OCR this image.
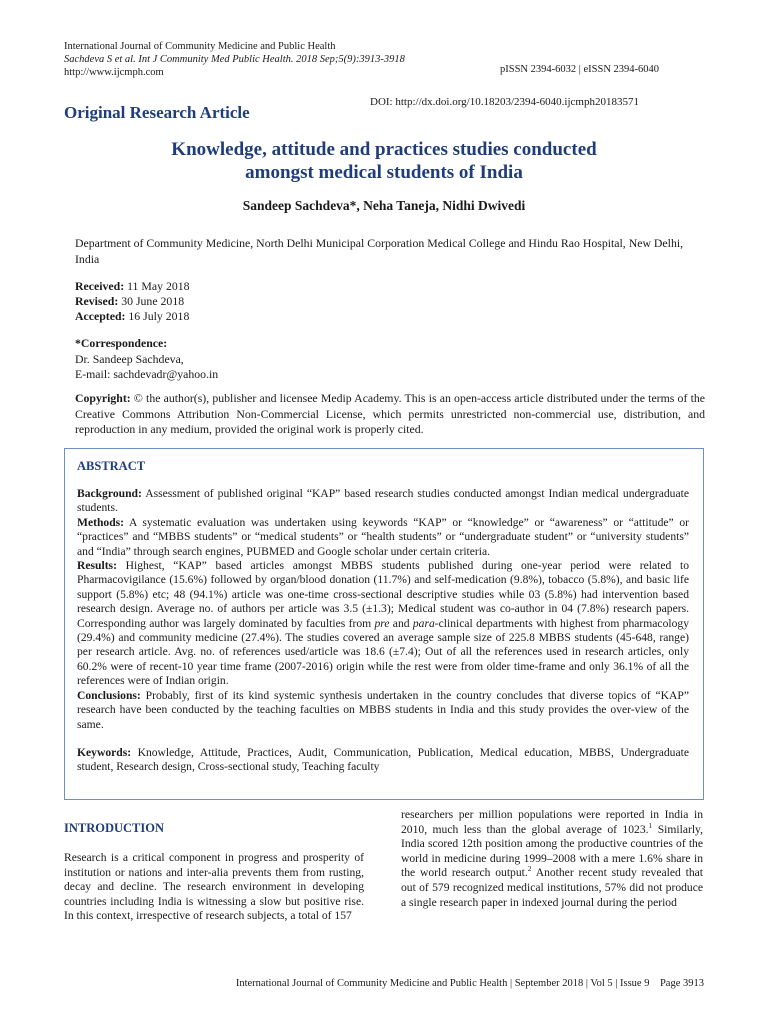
International Journal of Community Medicine and Public Health
Sachdeva S et al. Int J Community Med Public Health. 2018 Sep;5(9):3913-3918
http://www.ijcmph.com	pISSN 2394-6032 | eISSN 2394-6040
DOI: http://dx.doi.org/10.18203/2394-6040.ijcmph20183571
Original Research Article
Knowledge, attitude and practices studies conducted
amongst medical students of India
Sandeep Sachdeva*, Neha Taneja, Nidhi Dwivedi
Department of Community Medicine, North Delhi Municipal Corporation Medical College and Hindu Rao Hospital, New Delhi, India
Received: 11 May 2018
Revised: 30 June 2018
Accepted: 16 July 2018
*Correspondence:
Dr. Sandeep Sachdeva,
E-mail: sachdevadr@yahoo.in
Copyright: © the author(s), publisher and licensee Medip Academy. This is an open-access article distributed under the terms of the Creative Commons Attribution Non-Commercial License, which permits unrestricted non-commercial use, distribution, and reproduction in any medium, provided the original work is properly cited.
ABSTRACT
Background: Assessment of published original “KAP” based research studies conducted amongst Indian medical undergraduate students.
Methods: A systematic evaluation was undertaken using keywords “KAP” or “knowledge” or “awareness” or “attitude” or “practices” and “MBBS students” or “medical students” or “health students” or “undergraduate student” or “university students” and “India” through search engines, PUBMED and Google scholar under certain criteria.
Results: Highest, “KAP” based articles amongst MBBS students published during one-year period were related to Pharmacovigilance (15.6%) followed by organ/blood donation (11.7%) and self-medication (9.8%), tobacco (5.8%), and basic life support (5.8%) etc; 48 (94.1%) article was one-time cross-sectional descriptive studies while 03 (5.8%) had intervention based research design. Average no. of authors per article was 3.5 (±1.3); Medical student was co-author in 04 (7.8%) research papers. Corresponding author was largely dominated by faculties from pre and para-clinical departments with highest from pharmacology (29.4%) and community medicine (27.4%). The studies covered an average sample size of 225.8 MBBS students (45-648, range) per research article. Avg. no. of references used/article was 18.6 (±7.4); Out of all the references used in research articles, only 60.2% were of recent-10 year time frame (2007-2016) origin while the rest were from older time-frame and only 36.1% of all the references were of Indian origin.
Conclusions: Probably, first of its kind systemic synthesis undertaken in the country concludes that diverse topics of “KAP” research have been conducted by the teaching faculties on MBBS students in India and this study provides the over-view of the same.
Keywords: Knowledge, Attitude, Practices, Audit, Communication, Publication, Medical education, MBBS, Undergraduate student, Research design, Cross-sectional study, Teaching faculty
INTRODUCTION
Research is a critical component in progress and prosperity of institution or nations and inter-alia prevents them from rusting, decay and decline. The research environment in developing countries including India is witnessing a slow but positive rise. In this context, irrespective of research subjects, a total of 157
researchers per million populations were reported in India in 2010, much less than the global average of 1023.$^1$ Similarly, India scored 12th position among the productive countries of the world in medicine during 1999–2008 with a mere 1.6% share in the world research output.$^2$ Another recent study revealed that out of 579 recognized medical institutions, 57% did not produce a single research paper in indexed journal during the period
International Journal of Community Medicine and Public Health | September 2018 | Vol 5 | Issue 9    Page 3913
